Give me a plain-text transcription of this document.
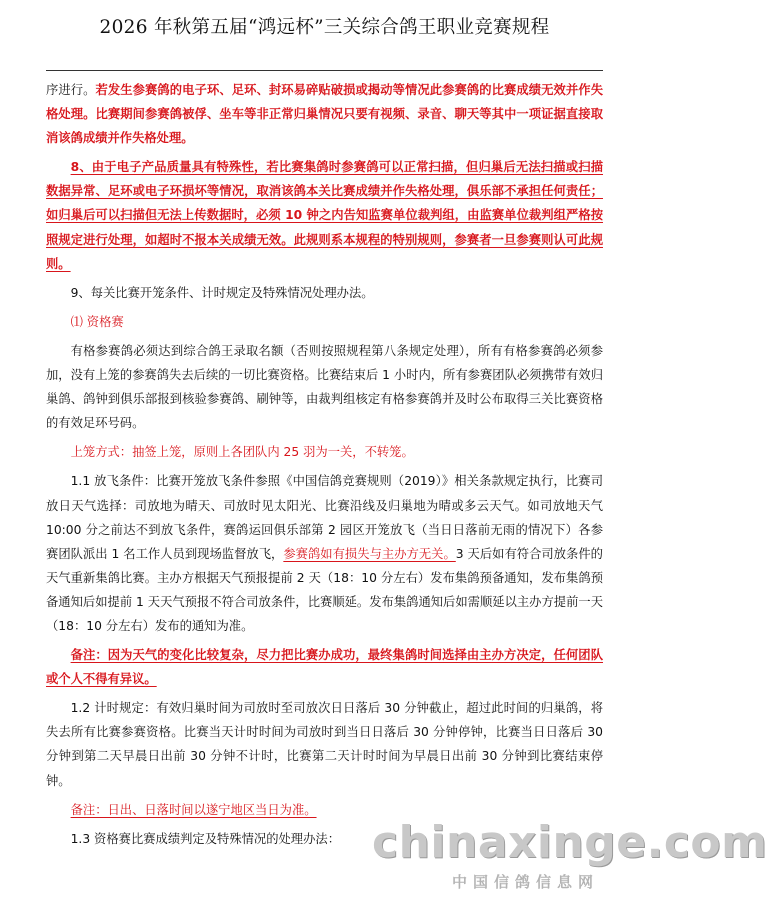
2026 年秋第五届“鸿远杯”三关综合鸽王职业竞赛规程

序进行。若发生参赛鸽的电子环、足环、封环易碎贴破损或揭动等情况此参赛鸽的比赛成绩无效并作失格处理。比赛期间参赛鸽被俘、坐车等非正常归巢情况只要有视频、录音、聊天等其中一项证据直接取消该鸽成绩并作失格处理。

8、由于电子产品质量具有特殊性，若比赛集鸽时参赛鸽可以正常扫描，但归巢后无法扫描或扫描数据异常、足环或电子环损坏等情况，取消该鸽本关比赛成绩并作失格处理，俱乐部不承担任何责任；如归巢后可以扫描但无法上传数据时，必须 10 钟之内告知监赛单位裁判组，由监赛单位裁判组严格按照规定进行处理，如超时不报本关成绩无效。此规则系本规程的特别规则，参赛者一旦参赛则认可此规则。

9、每关比赛开笼条件、计时规定及特殊情况处理办法。

⑴ 资格赛

有格参赛鸽必须达到综合鸽王录取名额（否则按照规程第八条规定处理），所有有格参赛鸽必须参加，没有上笼的参赛鸽失去后续的一切比赛资格。比赛结束后 1 小时内，所有参赛团队必须携带有效归巢鸽、鸽钟到俱乐部报到核验参赛鸽、刷钟等，由裁判组核定有格参赛鸽并及时公布取得三关比赛资格的有效足环号码。

上笼方式：抽签上笼，原则上各团队内 25 羽为一关，不转笼。

1.1 放飞条件：比赛开笼放飞条件参照《中国信鸽竞赛规则（2019）》相关条款规定执行，比赛司放日天气选择：司放地为晴天、司放时见太阳光、比赛沿线及归巢地为晴或多云天气。如司放地天气 10:00 分之前达不到放飞条件，赛鸽运回俱乐部第 2 园区开笼放飞（当日日落前无雨的情况下）各参赛团队派出 1 名工作人员到现场监督放飞，参赛鸽如有损失与主办方无关。3 天后如有符合司放条件的天气重新集鸽比赛。主办方根据天气预报提前 2 天（18：10 分左右）发布集鸽预备通知，发布集鸽预备通知后如提前 1 天天气预报不符合司放条件，比赛顺延。发布集鸽通知后如需顺延以主办方提前一天（18：10 分左右）发布的通知为准。

备注：因为天气的变化比较复杂，尽力把比赛办成功，最终集鸽时间选择由主办方决定，任何团队或个人不得有异议。

1.2 计时规定：有效归巢时间为司放时至司放次日日落后 30 分钟截止，超过此时间的归巢鸽，将失去所有比赛参赛资格。比赛当天计时时间为司放时到当日日落后 30 分钟停钟，比赛当日日落后 30 分钟到第二天早晨日出前 30 分钟不计时，比赛第二天计时时间为早晨日出前 30 分钟到比赛结束停钟。

备注：日出、日落时间以遂宁地区当日为准。

1.3 资格赛比赛成绩判定及特殊情况的处理办法： chinaxinge.com
中国信鸽信息网
